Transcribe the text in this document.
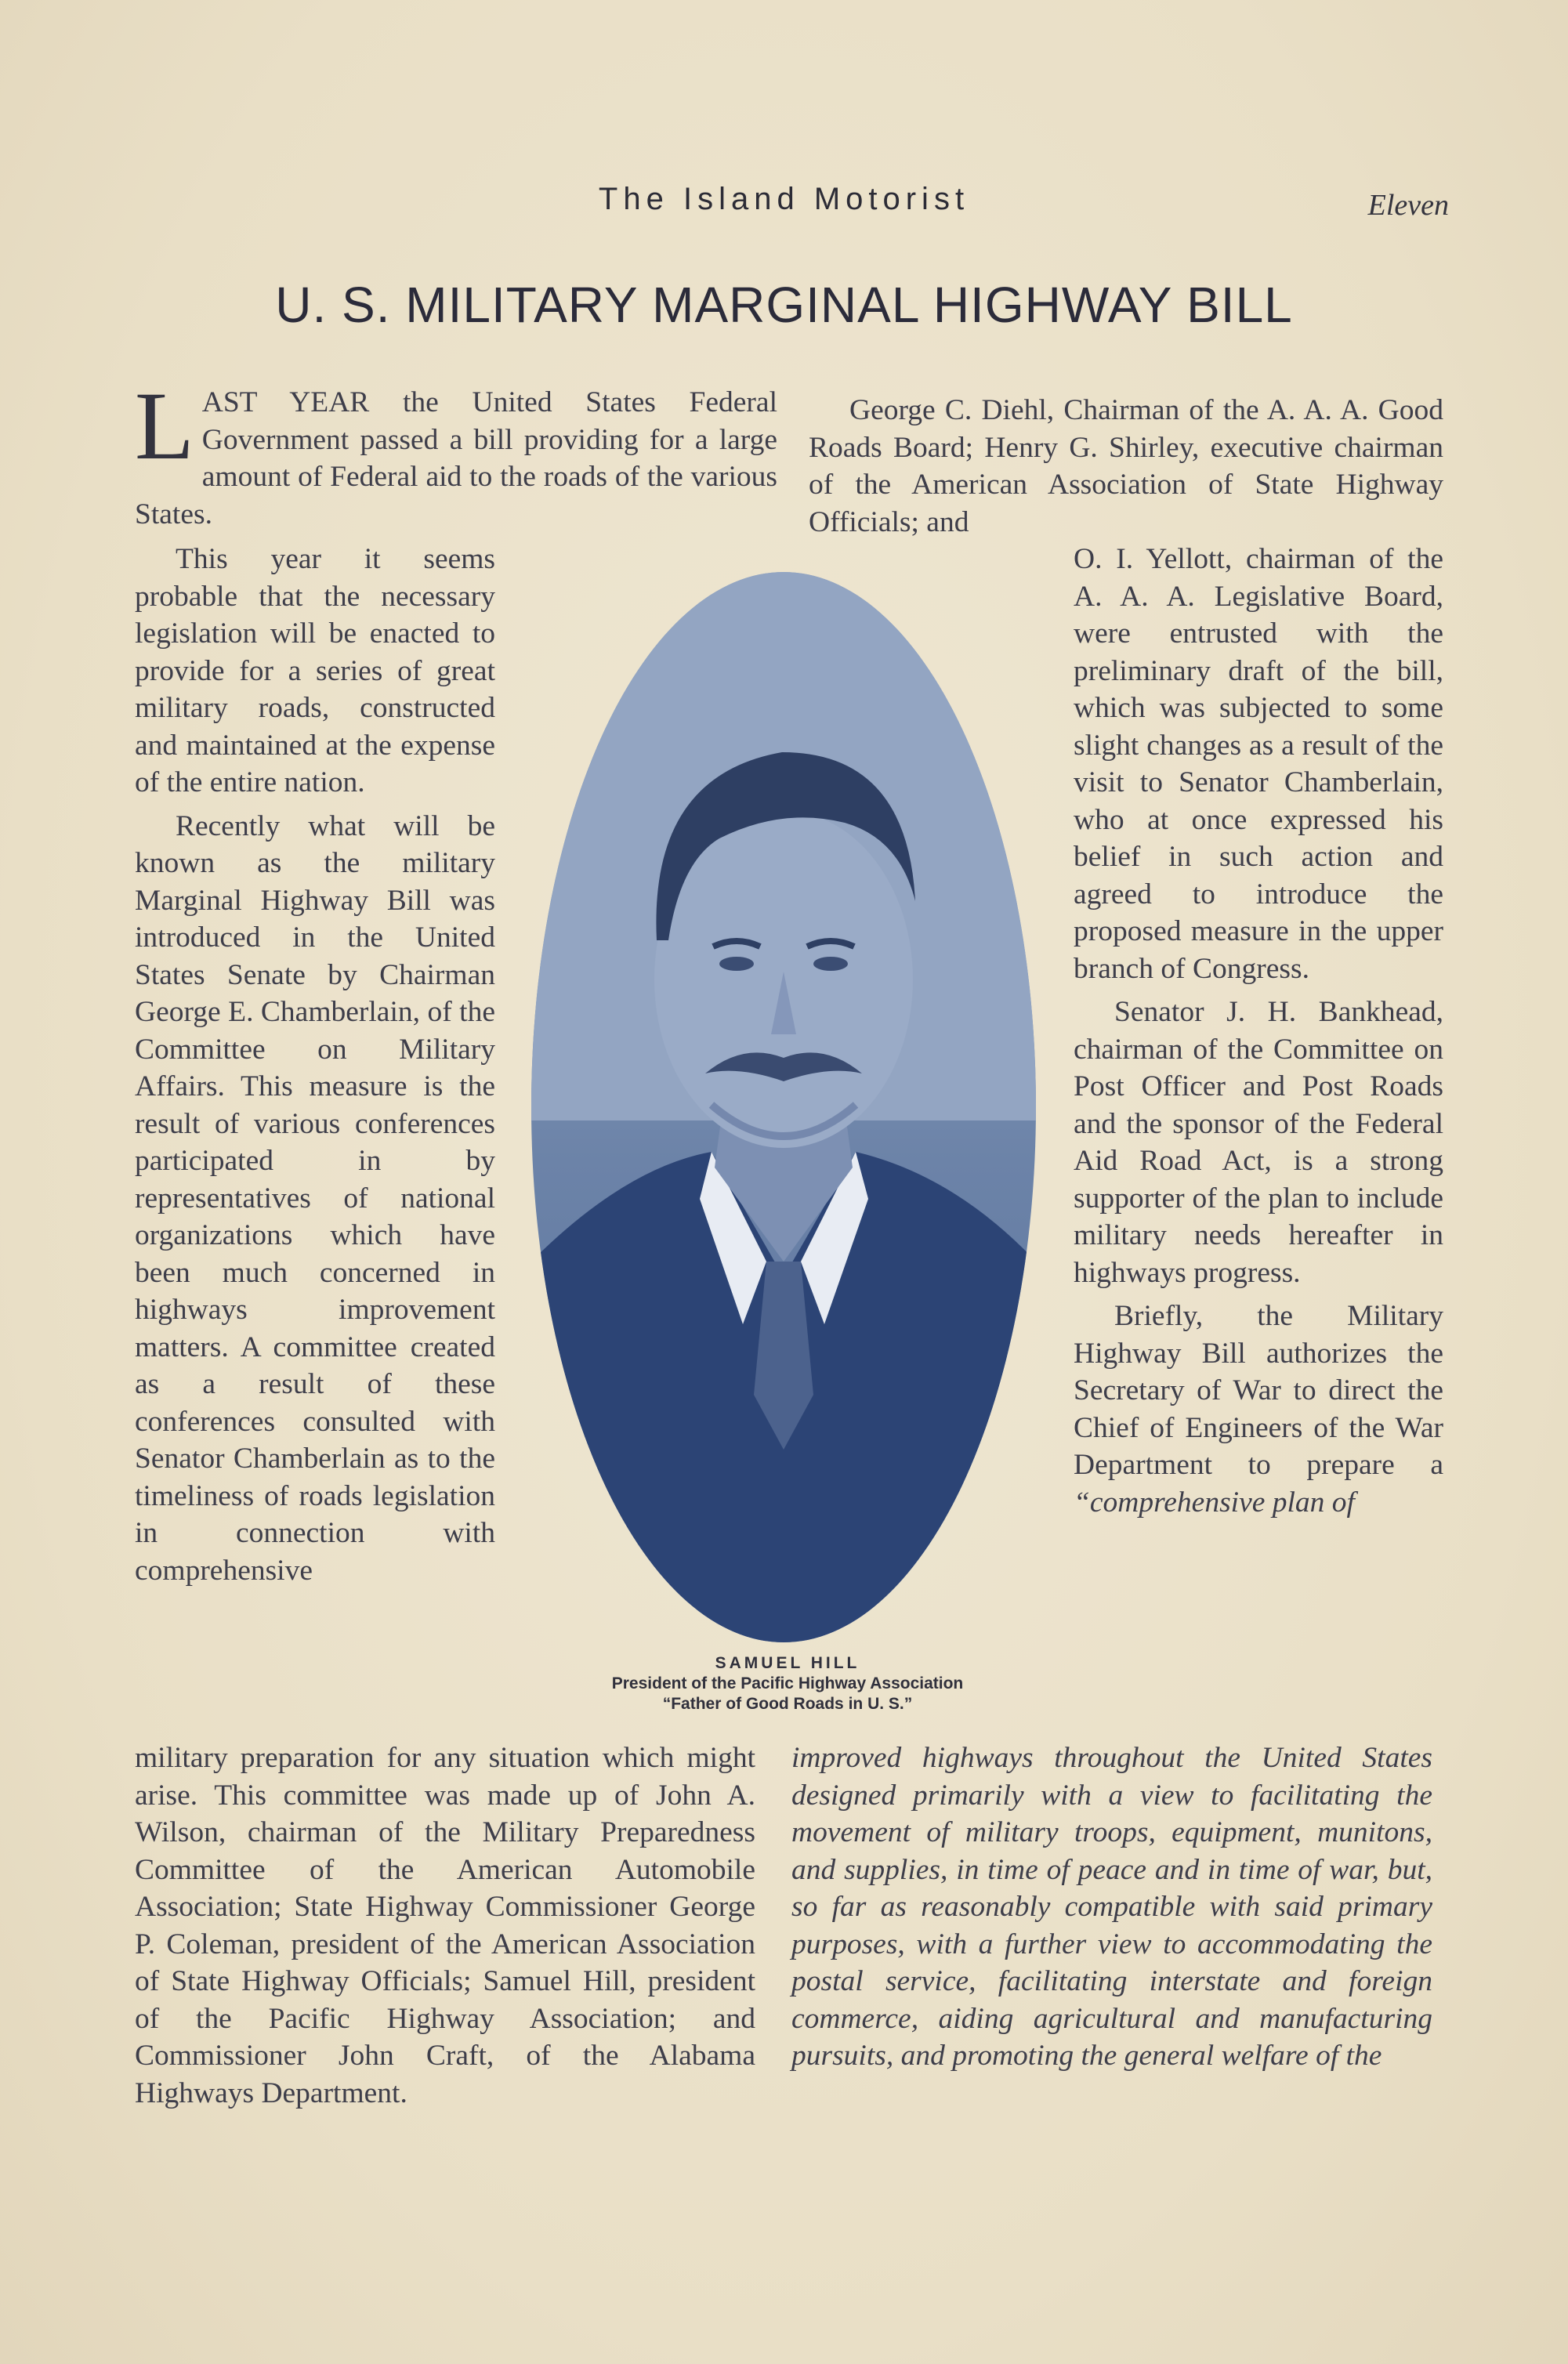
The Island Motorist	Eleven
U. S. MILITARY MARGINAL HIGHWAY BILL

L AST YEAR the United States Federal Government passed a bill providing for a large amount of Federal aid to the roads of the various States.

This year it seems probable that the necessary legislation will be enacted to provide for a series of great military roads, constructed and maintained at the expense of the entire nation.

Recently what will be known as the military Marginal Highway Bill was introduced in the United States Senate by Chairman George E. Chamberlain, of the Committee on Military Affairs. This measure is the result of various conferences participated in by representatives of national organizations which have been much concerned in highways improvement matters. A committee created as a result of these conferences consulted with Senator Chamberlain as to the timeliness of roads legislation in connection with comprehensive

military preparation for any situation which might arise. This committee was made up of John A. Wilson, chairman of the Military Preparedness Committee of the American Automobile Association; State Highway Commissioner George P. Coleman, president of the American Association of State Highway Officials; Samuel Hill, president of the Pacific Highway Association; and Commissioner John Craft, of the Alabama Highways Department.

George C. Diehl, Chairman of the A. A. A. Good Roads Board; Henry G. Shirley, executive chairman of the American Association of State Highway Officials; and

O. I. Yellott, chairman of the A. A. A. Legislative Board, were entrusted with the preliminary draft of the bill, which was subjected to some slight changes as a result of the visit to Senator Chamberlain, who at once expressed his belief in such action and agreed to introduce the proposed measure in the upper branch of Congress.

Senator J. H. Bankhead, chairman of the Committee on Post Officer and Post Roads and the sponsor of the Federal Aid Road Act, is a strong supporter of the plan to include military needs hereafter in highways progress.

Briefly, the Military Highway Bill authorizes the Secretary of War to direct the Chief of Engineers of the War Department to prepare a “comprehensive plan of

improved highways throughout the United States designed primarily with a view to facilitating the movement of military troops, equipment, munitons, and supplies, in time of peace and in time of war, but, so far as reasonably compatible with said primary purposes, with a further view to accommodating the postal service, facilitating interstate and foreign commerce, aiding agricultural and manufacturing pursuits, and promoting the general welfare of the

SAMUEL HILL
President of the Pacific Highway Association
“Father of Good Roads in U. S.”
